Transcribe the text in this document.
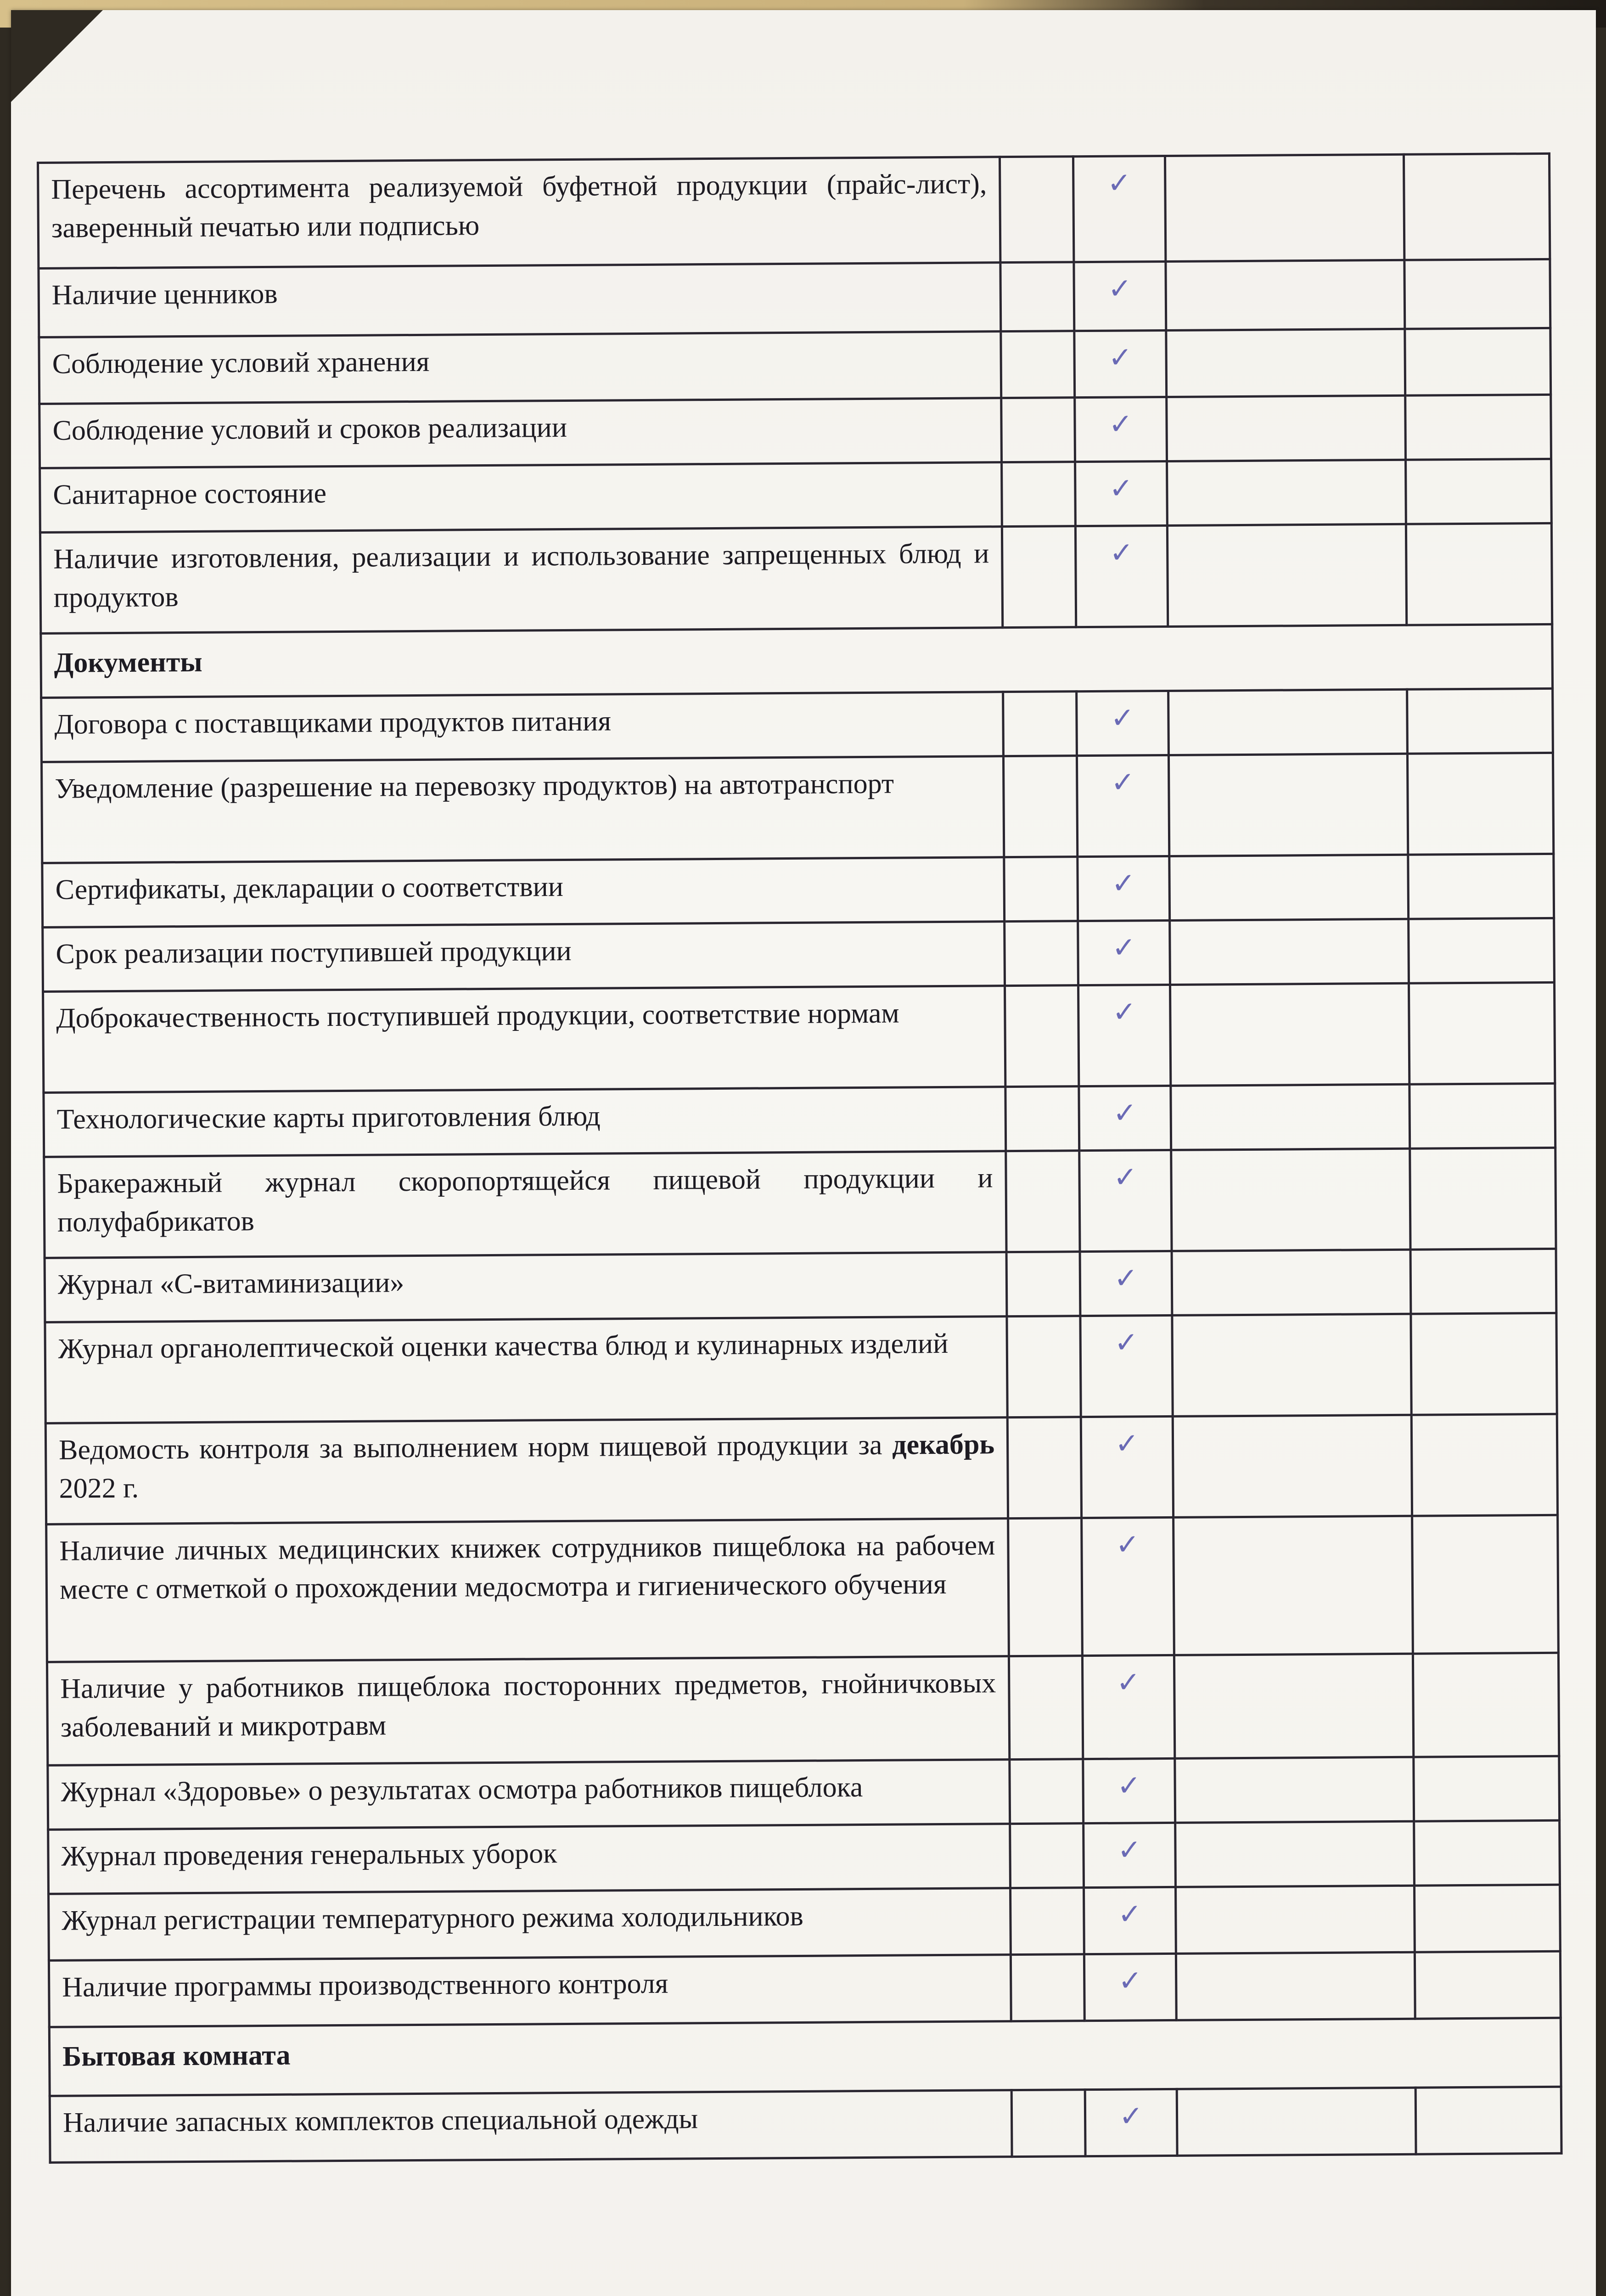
Перечень ассортимента реализуемой буфетной продукции (прайс-лист), заверенный печатью или подписью		✓		
Наличие ценников		✓		
Соблюдение условий хранения		✓		
Соблюдение условий и сроков реализации		✓		
Санитарное состояние		✓		
Наличие изготовления, реализации и использование запрещенных блюд и продуктов		✓		
Документы				
Договора с поставщиками продуктов питания		✓		
Уведомление (разрешение на перевозку продуктов) на автотранспорт		✓		
Сертификаты, декларации о соответствии		✓		
Срок реализации поступившей продукции		✓		
Доброкачественность поступившей продукции, соответствие нормам		✓		
Технологические карты приготовления блюд		✓		
Бракеражный журнал скоропортящейся пищевой продукции и полуфабрикатов		✓		
Журнал «С-витаминизации»		✓		
Журнал органолептической оценки качества блюд и кулинарных изделий		✓		
Ведомость контроля за выполнением норм пищевой продукции за декабрь 2022 г.		✓		
Наличие личных медицинских книжек сотрудников пищеблока на рабочем месте с отметкой о прохождении медосмотра и гигиенического обучения		✓		
Наличие у работников пищеблока посторонних предметов, гнойничковых заболеваний и микротравм		✓		
Журнал «Здоровье» о результатах осмотра работников пищеблока		✓		
Журнал проведения генеральных уборок		✓		
Журнал регистрации температурного режима холодильников		✓		
Наличие программы производственного контроля		✓		
Бытовая комната				
Наличие запасных комплектов специальной одежды		✓		
